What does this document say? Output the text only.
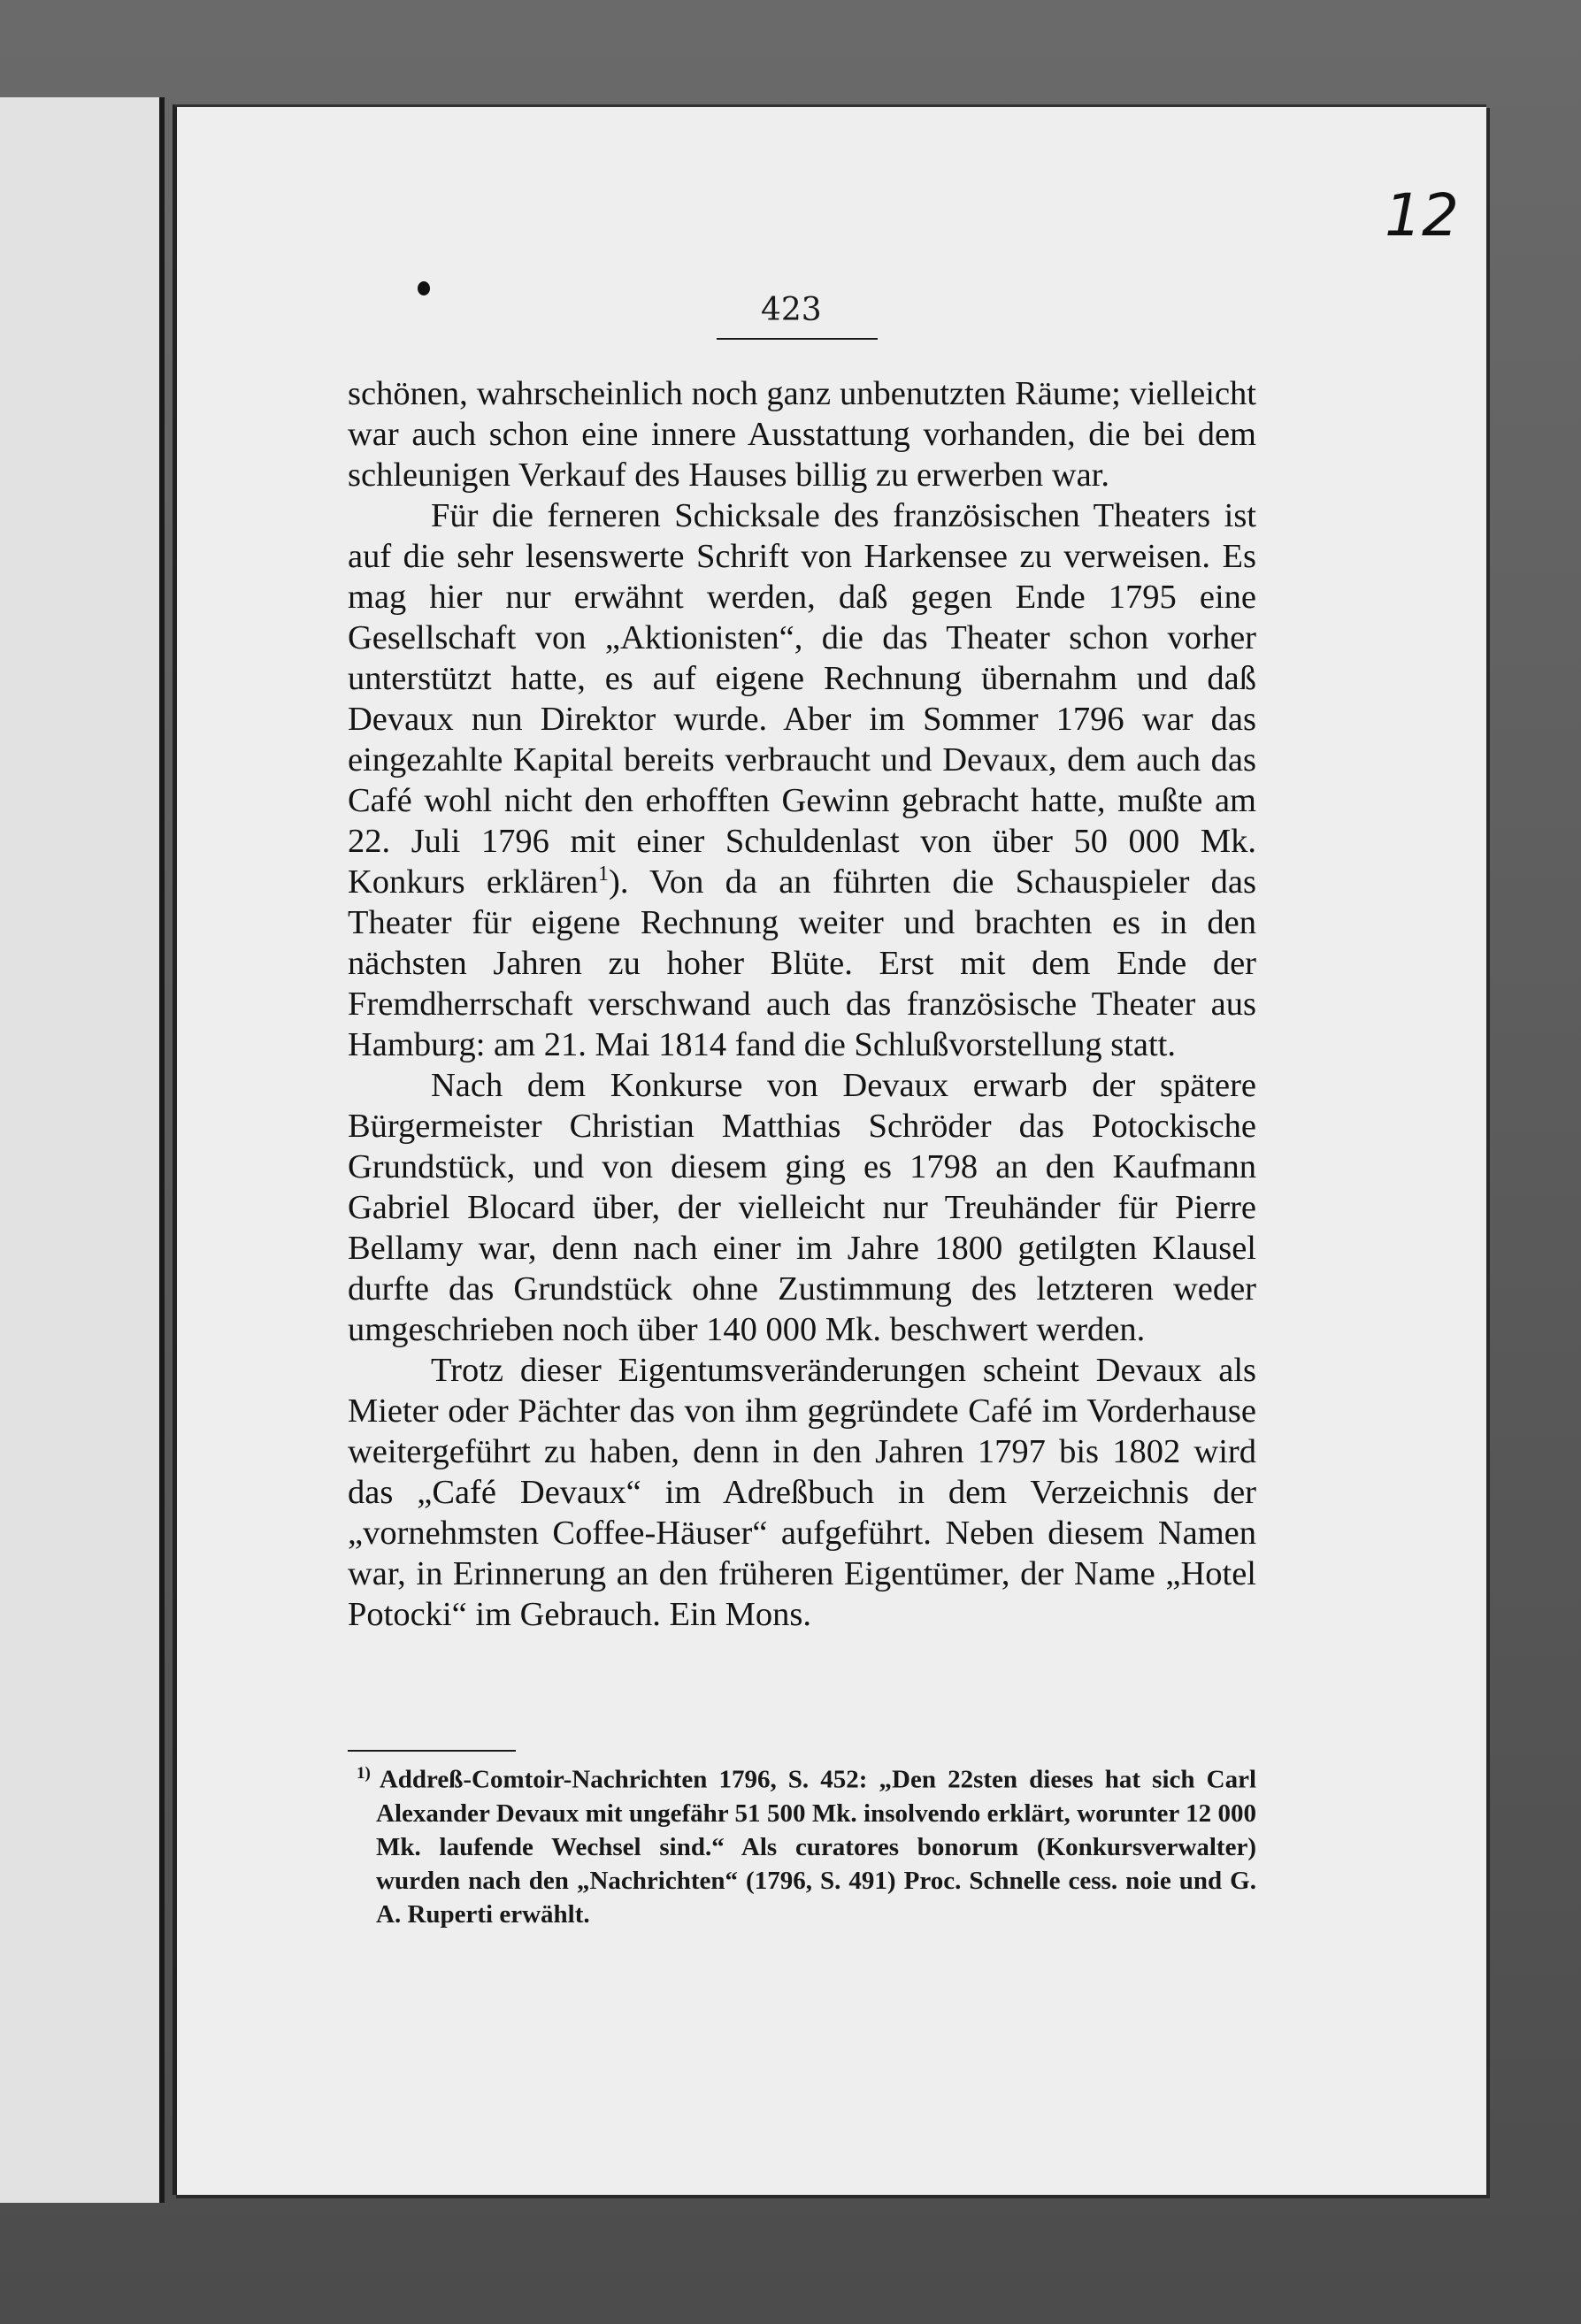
12
423

schönen, wahrscheinlich noch ganz unbenutzten Räume; vielleicht war auch schon eine innere Ausstattung vorhanden, die bei dem schleunigen Verkauf des Hauses billig zu erwerben war.

Für die ferneren Schicksale des französischen Theaters ist auf die sehr lesenswerte Schrift von Harkensee zu verweisen. Es mag hier nur erwähnt werden, daß gegen Ende 1795 eine Gesellschaft von „Aktionisten“, die das Theater schon vorher unterstützt hatte, es auf eigene Rechnung übernahm und daß Devaux nun Direktor wurde. Aber im Sommer 1796 war das eingezahlte Kapital bereits verbraucht und Devaux, dem auch das Café wohl nicht den erhofften Gewinn gebracht hatte, mußte am 22. Juli 1796 mit einer Schuldenlast von über 50 000 Mk. Konkurs erklären$^1$). Von da an führten die Schauspieler das Theater für eigene Rechnung weiter und brachten es in den nächsten Jahren zu hoher Blüte. Erst mit dem Ende der Fremdherrschaft verschwand auch das französische Theater aus Hamburg: am 21. Mai 1814 fand die Schlußvorstellung statt.

Nach dem Konkurse von Devaux erwarb der spätere Bürgermeister Christian Matthias Schröder das Potockische Grundstück, und von diesem ging es 1798 an den Kaufmann Gabriel Blocard über, der vielleicht nur Treuhänder für Pierre Bellamy war, denn nach einer im Jahre 1800 getilgten Klausel durfte das Grundstück ohne Zustimmung des letzteren weder umgeschrieben noch über 140 000 Mk. beschwert werden.

Trotz dieser Eigentumsveränderungen scheint Devaux als Mieter oder Pächter das von ihm gegründete Café im Vorderhause weitergeführt zu haben, denn in den Jahren 1797 bis 1802 wird das „Café Devaux“ im Adreßbuch in dem Verzeichnis der „vornehmsten Coffee-Häuser“ aufgeführt. Neben diesem Namen war, in Erinnerung an den früheren Eigentümer, der Name „Hotel Potocki“ im Gebrauch. Ein Mons.

$^{1)}$ Addreß-Comtoir-Nachrichten 1796, S. 452: „Den 22sten dieses hat sich Carl Alexander Devaux mit ungefähr 51 500 Mk. insolvendo erklärt, worunter 12 000 Mk. laufende Wechsel sind.“ Als curatores bonorum (Konkursverwalter) wurden nach den „Nachrichten“ (1796, S. 491) Proc. Schnelle cess. noie und G. A. Ruperti erwählt.
